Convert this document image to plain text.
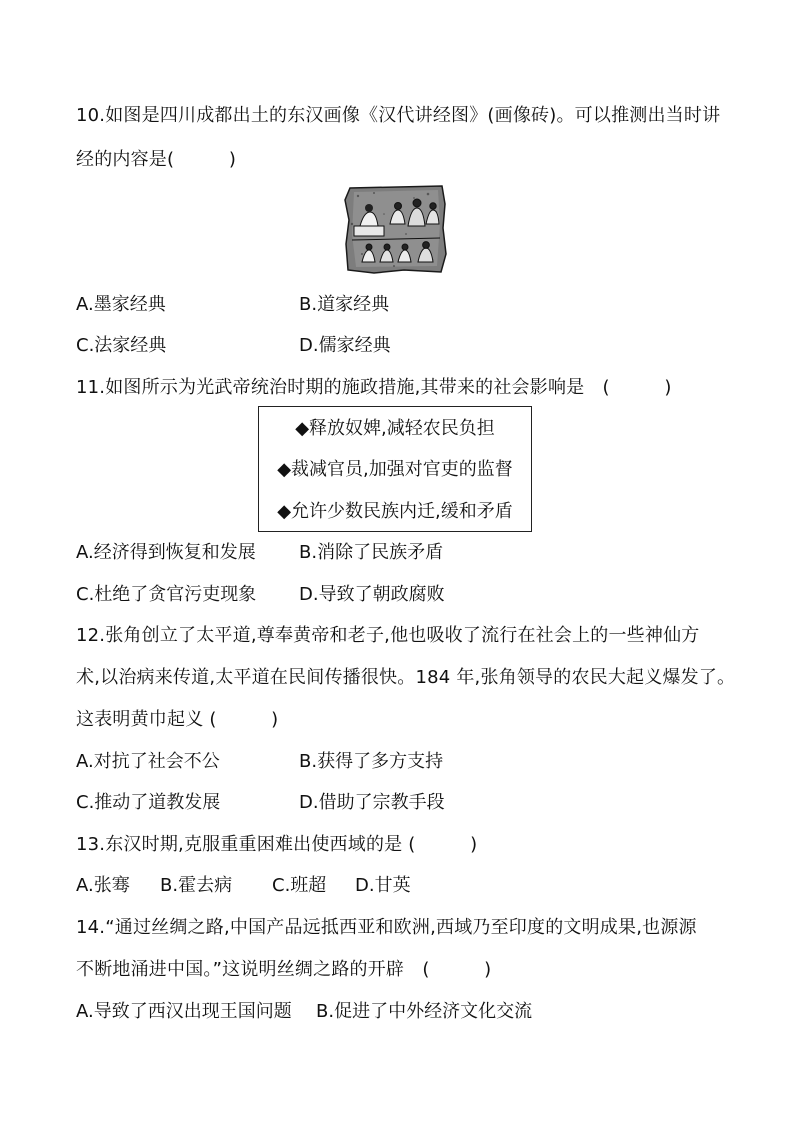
10.如图是四川成都出土的东汉画像《汉代讲经图》(画像砖)。可以推测出当时讲
经的内容是(　　　)
A.墨家经典	B.道家经典
C.法家经典	D.儒家经典
11.如图所示为光武帝统治时期的施政措施,其带来的社会影响是　(　　　)
◆释放奴婢,减轻农民负担
◆裁减官员,加强对官吏的监督
◆允许少数民族内迁,缓和矛盾
A.经济得到恢复和发展 B.消除了民族矛盾
C.杜绝了贪官污吏现象 D.导致了朝政腐败
12.张角创立了太平道,尊奉黄帝和老子,他也吸收了流行在社会上的一些神仙方
术,以治病来传道,太平道在民间传播很快。184 年,张角领导的农民大起义爆发了。
这表明黄巾起义 (　　　)
A.对抗了社会不公	B.获得了多方支持
C.推动了道教发展	D.借助了宗教手段
13.东汉时期,克服重重困难出使西域的是 (　　　)
A.张骞 B.霍去病 C.班超 D.甘英
14.“通过丝绸之路,中国产品远抵西亚和欧洲,西域乃至印度的文明成果,也源源
不断地涌进中国。”这说明丝绸之路的开辟　(　　　)
A.导致了西汉出现王国问题 B.促进了中外经济文化交流
